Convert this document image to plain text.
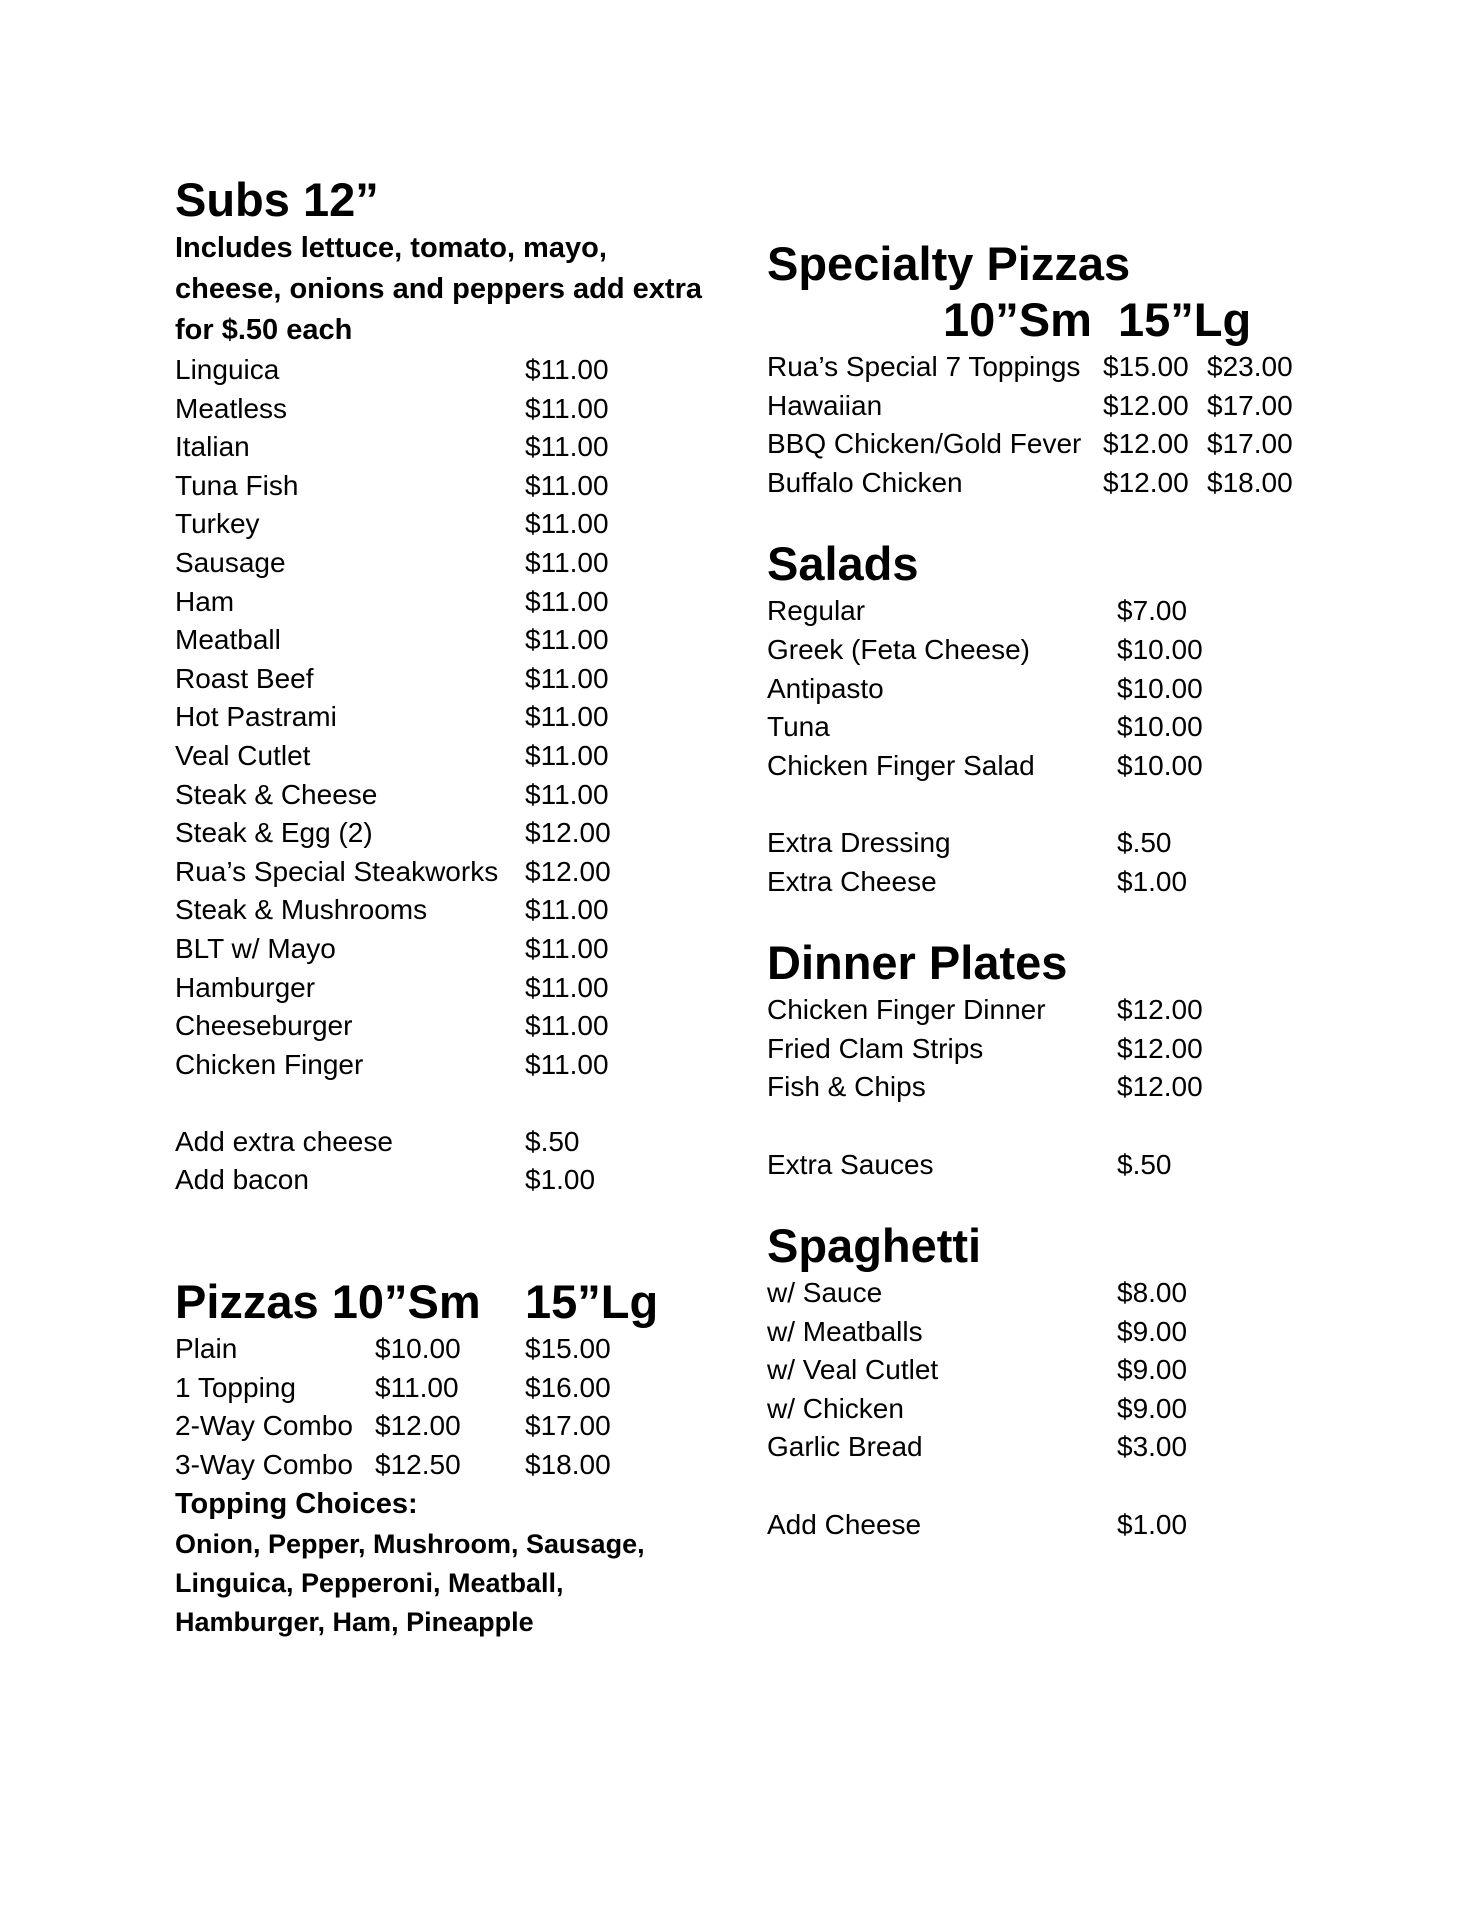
Subs 12”
Includes lettuce, tomato, mayo, cheese, onions and peppers add extra for $.50 each
Linguica	$11.00
Meatless	$11.00
Italian	$11.00
Tuna Fish	$11.00
Turkey	$11.00
Sausage	$11.00
Ham	$11.00
Meatball	$11.00
Roast Beef	$11.00
Hot Pastrami	$11.00
Veal Cutlet	$11.00
Steak & Cheese	$11.00
Steak & Egg (2)	$12.00
Rua’s Special Steakworks $12.00
Steak & Mushrooms	$11.00
BLT w/ Mayo	$11.00
Hamburger	$11.00
Cheeseburger	$11.00
Chicken Finger	$11.00
Add extra cheese	$.50
Add bacon	$1.00
Pizzas 10”Sm 15”Lg
Plain	$10.00	$15.00
1 Topping	$11.00	$16.00
2-Way Combo $12.00	$17.00
3-Way Combo $12.50	$18.00
Topping Choices:
Onion, Pepper, Mushroom, Sausage, Linguica, Pepperoni, Meatball, Hamburger, Ham, Pineapple
Specialty Pizzas
10”Sm  15”Lg
Rua’s Special 7 Toppings $15.00 $23.00
Hawaiian	$12.00 $17.00
BBQ Chicken/Gold Fever $12.00 $17.00
Buffalo Chicken	$12.00 $18.00
Salads
Regular	$7.00
Greek (Feta Cheese)	$10.00
Antipasto	$10.00
Tuna	$10.00
Chicken Finger Salad	$10.00
Extra Dressing	$.50
Extra Cheese	$1.00
Dinner Plates
Chicken Finger Dinner	$12.00
Fried Clam Strips	$12.00
Fish & Chips	$12.00
Extra Sauces	$.50
Spaghetti
w/ Sauce	$8.00
w/ Meatballs	$9.00
w/ Veal Cutlet	$9.00
w/ Chicken	$9.00
Garlic Bread	$3.00
Add Cheese	$1.00
